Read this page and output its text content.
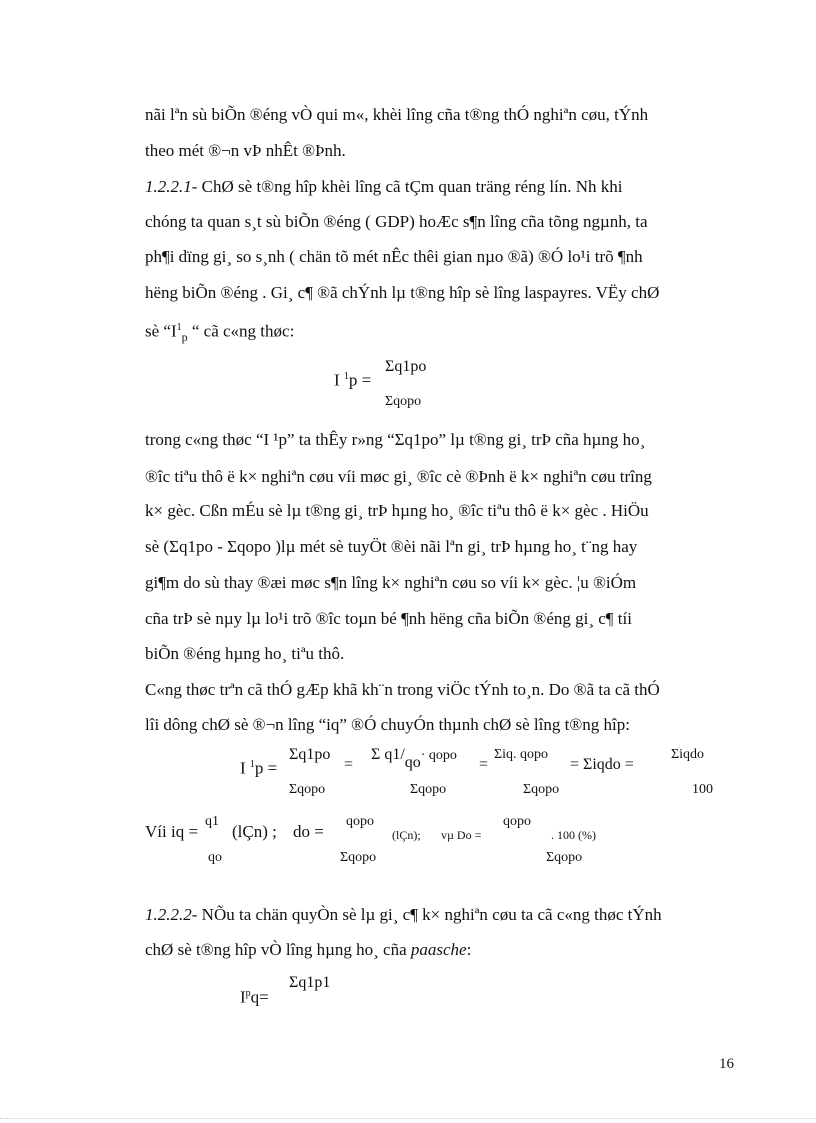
nãi lªn sù biÕn ®éng vÒ qui m«, khèi lîng cña t®ng thÓ nghiªn cøu, tÝnh
theo mét ®¬n vÞ nhÊt ®Þnh.
1.2.2.1- ChØ sè t®ng hîp khèi lîng cã tÇm quan träng réng lín. Nh khi
chóng ta quan s¸t sù biÕn ®éng ( GDP) hoÆc s¶n lîng cña tõng ngµnh, ta
ph¶i dïng gi¸ so s¸nh ( chän tõ mét nÊc thêi gian nµo ®ã) ®Ó lo¹i trõ ¶nh
hëng biÕn ®éng . Gi¸ c¶ ®ã chÝnh lµ t®ng hîp sè lîng laspayres. VËy chØ
sè “$I^1_p$ “ cã c«ng thøc:
I $^1$p =
Σq1po
Σqopo
trong c«ng thøc “I ¹p” ta thÊy r»ng “Σq1po” lµ t®ng gi¸ trÞ cña hµng ho¸
®îc tiªu thô ë k× nghiªn cøu víi møc gi¸ ®îc cè ®Þnh ë k× nghiªn cøu trîng
k× gèc. Cßn mÉu sè lµ t®ng gi¸ trÞ hµng ho¸ ®îc tiªu thô ë k× gèc . HiÖu
sè (Σq1po - Σqopo )lµ mét sè tuyÖt ®èi nãi lªn gi¸ trÞ hµng ho¸ t¨ng hay
gi¶m do sù thay ®æi møc s¶n lîng k× nghiªn cøu so víi k× gèc. ¦u ®iÓm
cña trÞ sè nµy lµ lo¹i trõ ®îc toµn bé ¶nh hëng cña biÕn ®éng gi¸ c¶ tíi
biÕn ®éng hµng ho¸ tiªu thô.
C«ng thøc trªn cã thÓ gÆp khã kh¨n trong viÖc tÝnh to¸n. Do ®ã ta cã thÓ
lîi dông chØ sè ®¬n lîng “iq” ®Ó chuyÓn thµnh chØ sè lîng t®ng hîp:
I $^1$p =
Σq1po
Σqopo
=
Σ q1/qo· qopo
Σqopo
=
Σiq. qopo
Σqopo
= Σiqdo =
Σiqdo
100
Víi iq =
q1
qo
(lÇn) ; do =
qopo
Σqopo
(lÇn); vµ Do =
qopo
Σqopo
. 100 (%)
1.2.2.2- NÕu ta chän quyÒn sè lµ gi¸ c¶ k× nghiªn cøu ta cã c«ng thøc tÝnh
chØ sè t®ng hîp vÒ lîng hµng ho¸ cña paasche:
$I^pq=$
Σq1p1
16
